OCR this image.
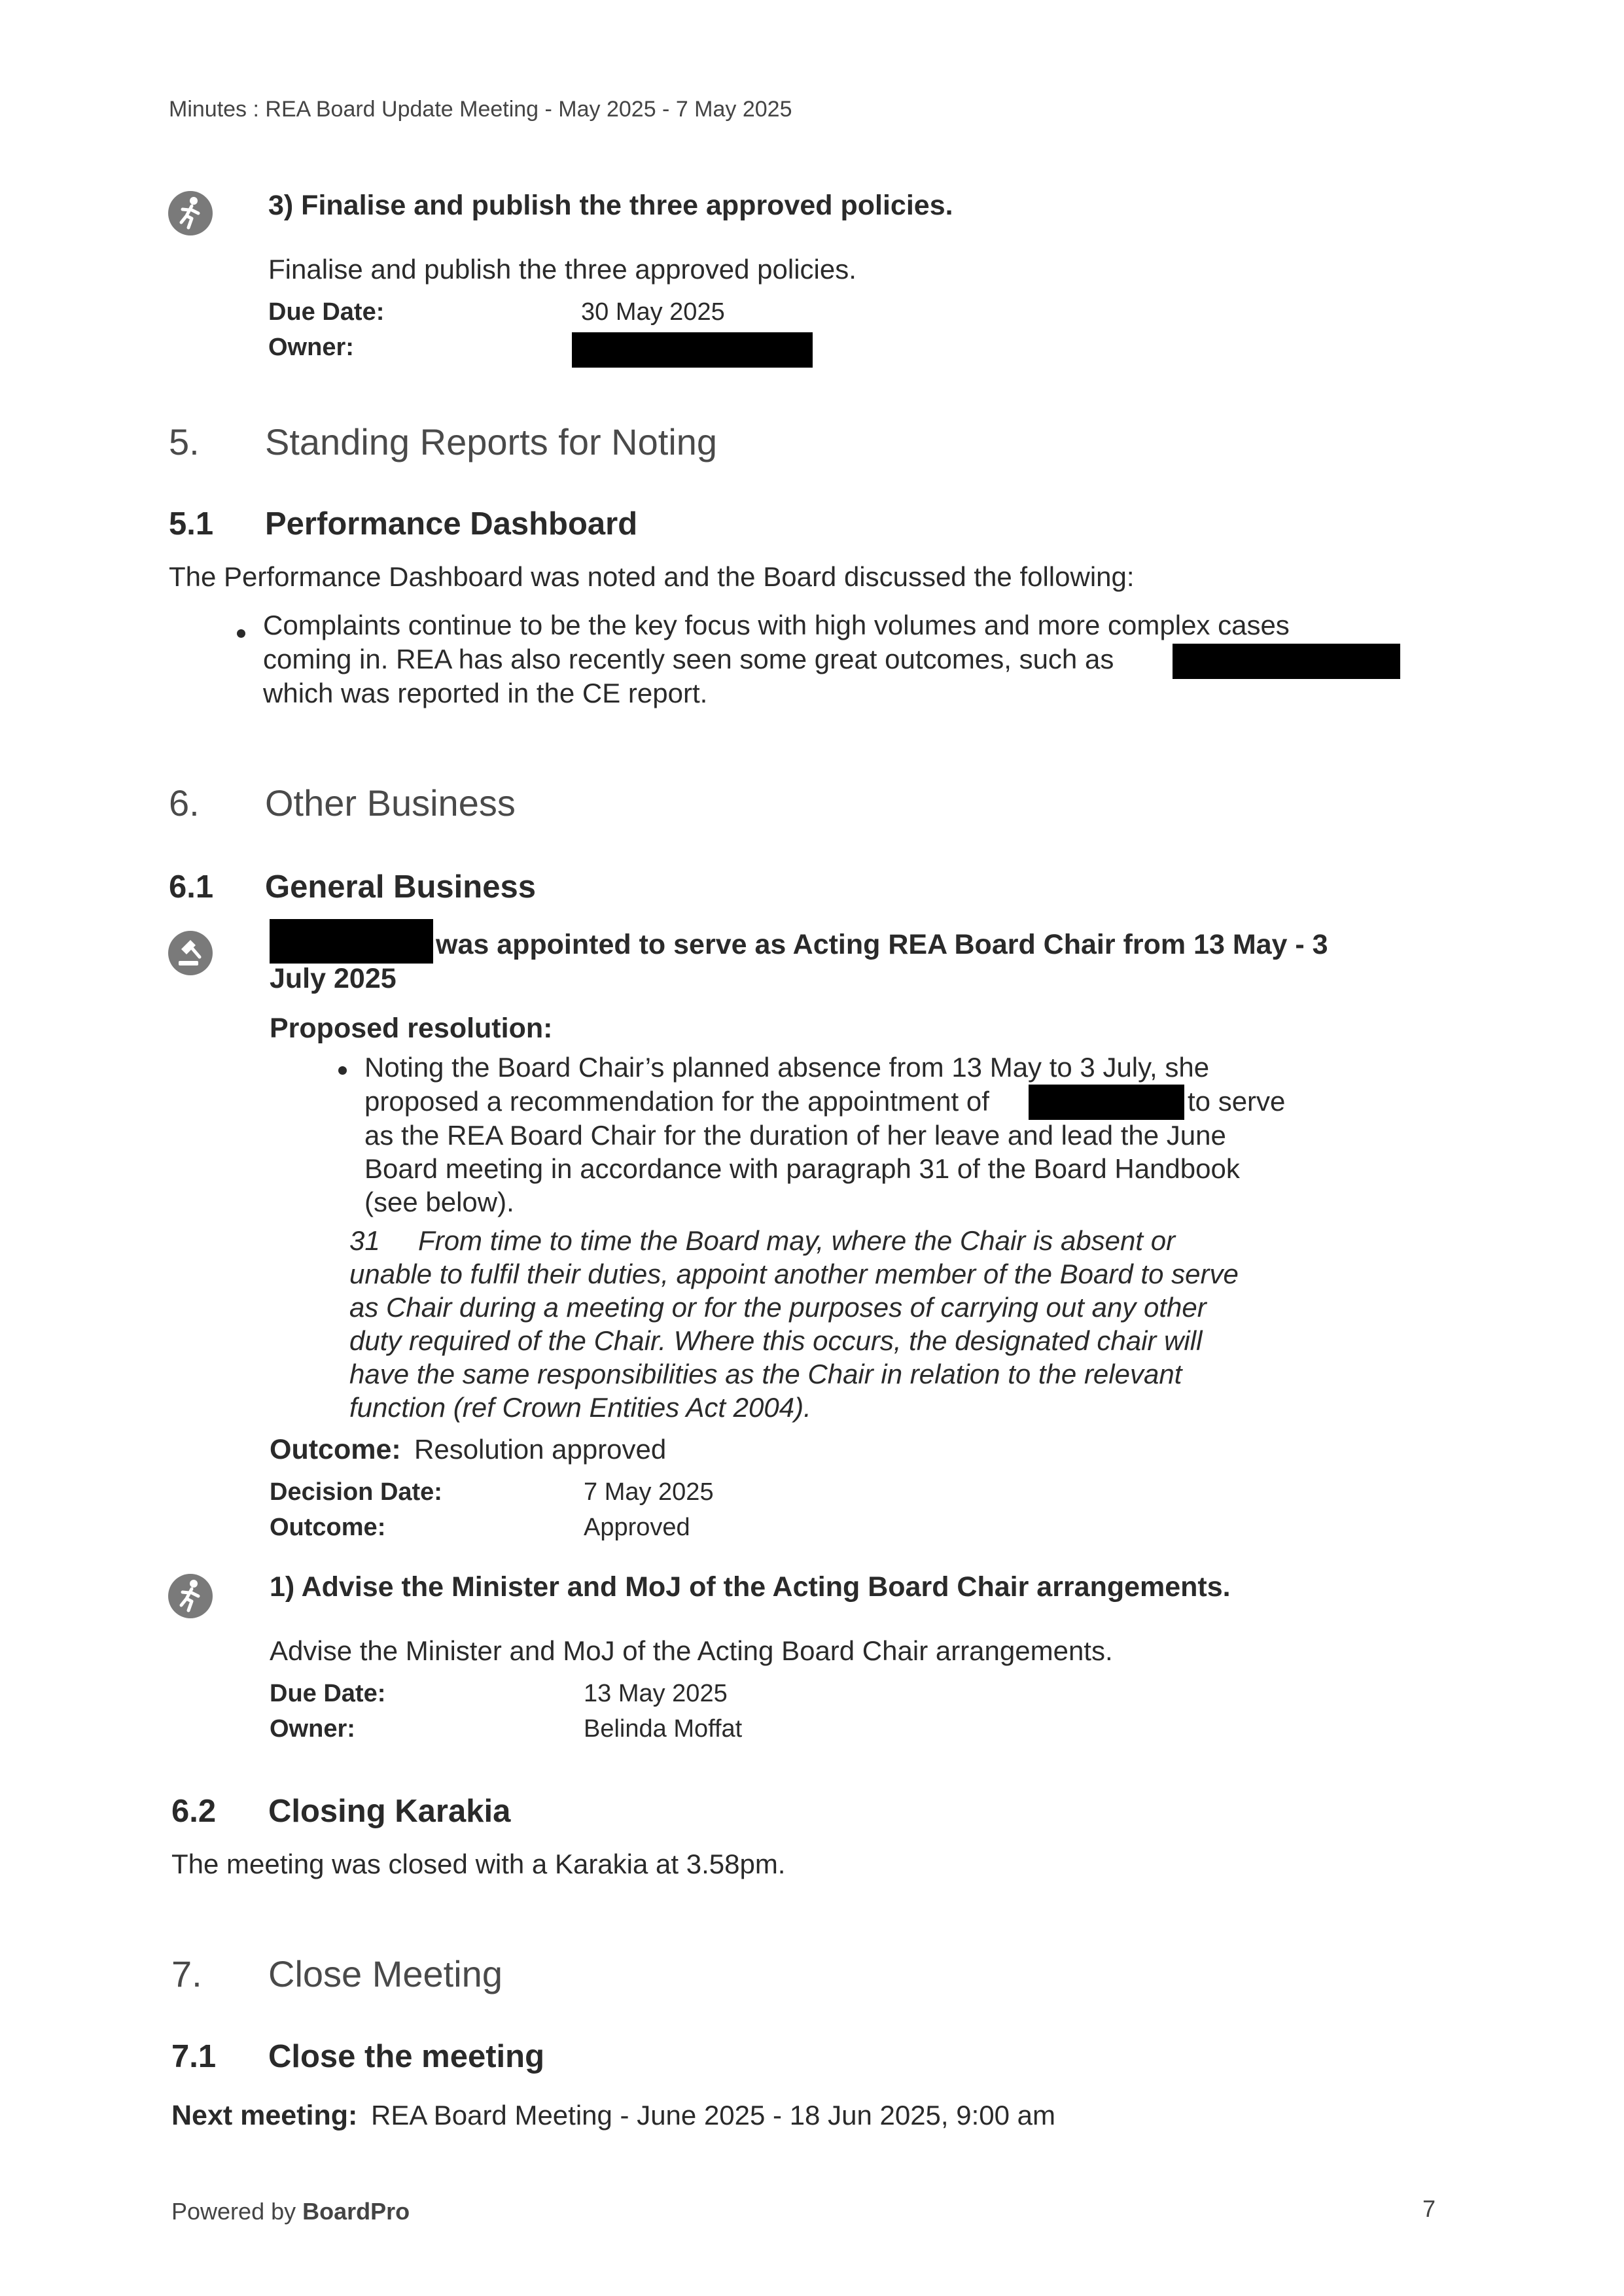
Minutes : REA Board Update Meeting - May 2025 - 7 May 2025
3) Finalise and publish the three approved policies.
Finalise and publish the three approved policies.
Due Date:	30 May 2025
Owner:
5. Standing Reports for Noting
5.1 Performance Dashboard
The Performance Dashboard was noted and the Board discussed the following:
Complaints continue to be the key focus with high volumes and more complex cases
coming in. REA has also recently seen some great outcomes, such as
which was reported in the CE report.
6. Other Business
6.1 General Business
was appointed to serve as Acting REA Board Chair from 13 May - 3
July 2025
Proposed resolution:
Noting the Board Chair’s planned absence from 13 May to 3 July, she
proposed a recommendation for the appointment of	to serve
as the REA Board Chair for the duration of her leave and lead the June
Board meeting in accordance with paragraph 31 of the Board Handbook
(see below).
31     From time to time the Board may, where the Chair is absent or
unable to fulfil their duties, appoint another member of the Board to serve
as Chair during a meeting or for the purposes of carrying out any other
duty required of the Chair. Where this occurs, the designated chair will
have the same responsibilities as the Chair in relation to the relevant
function (ref Crown Entities Act 2004).
Outcome: Resolution approved
Decision Date:	7 May 2025
Outcome:	Approved
1) Advise the Minister and MoJ of the Acting Board Chair arrangements.
Advise the Minister and MoJ of the Acting Board Chair arrangements.
Due Date:	13 May 2025
Owner:	Belinda Moffat
6.2 Closing Karakia
The meeting was closed with a Karakia at 3.58pm.
7. Close Meeting
7.1 Close the meeting
Next meeting: REA Board Meeting - June 2025 - 18 Jun 2025, 9:00 am
Powered by BoardPro	7
